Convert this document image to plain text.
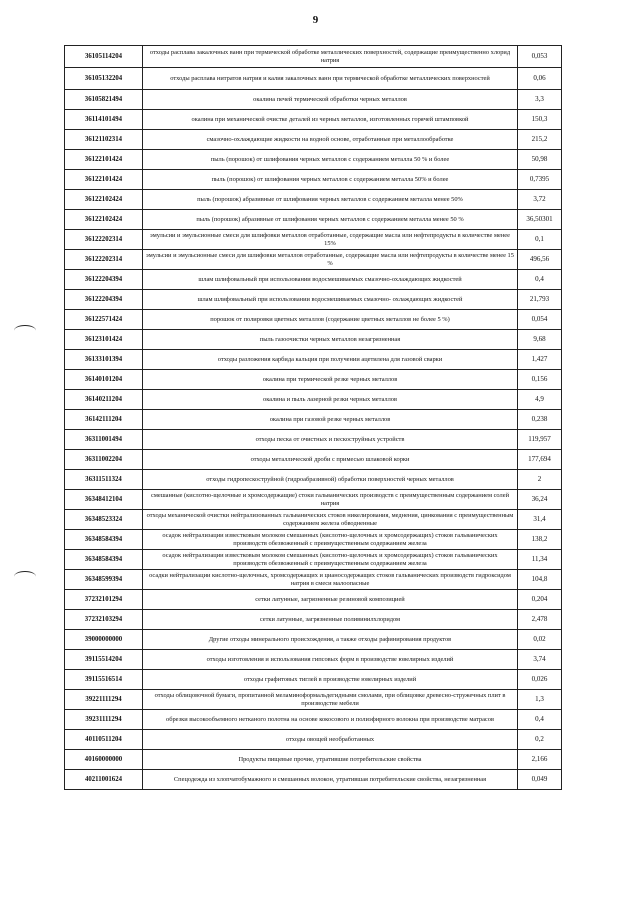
9
36105114204	отходы расплава закалочных ванн при термической обработке металлических поверхностей, содержащие преимущественно хлорид натрия	0,053
36105132204	отходы расплава нитратов натрия и калия закалочных ванн при термической обработке металлических поверхностей	0,06
36105821494	окалина печей термической обработки черных металлов	3,3
36114101494	окалина при механической очистке деталей из черных металлов, изготовленных горячей штамповкой	150,3
36121102314	смазочно-охлаждающие жидкости на водной основе, отработанные при металлообработке	215,2
36122101424	пыль (порошок) от шлифования черных металлов с содержанием металла 50 % и более	50,98
36122101424	пыль (порошок) от шлифования черных металлов с содержанием металла 50% и более	0,7395
36122102424	пыль (порошок) абразивные от шлифования черных металлов с содержанием металла менее 50%	3,72
36122102424	пыль (порошок) абразивные от шлифования черных металлов с содержанием металла менее 50 %	36,50301
36122202314	эмульсии и эмульсионные смеси для шлифовки металлов отработанные, содержащие масла или нефтепродукты в количестве менее 15%	0,1
36122202314	эмульсии и эмульсионные смеси для шлифовки металлов отработанные, содержащие масла или нефтепродукты в количестве менее 15 %	496,56
36122204394	шлам шлифовальный при использовании водосмешиваемых смазочно-охлаждающих жидкостей	0,4
36122204394	шлам шлифовальный при использовании водосмешиваемых смазочно- охлаждающих жидкостей	21,793
36122571424	порошок от полировки цветных металлов (содержание цветных металлов не более 5 %)	0,054
36123101424	пыль газоочистки черных металлов незагрязненная	9,68
36133101394	отходы разложения карбида кальция при получении ацетилена для газовой сварки	1,427
36140101204	окалина при термической резке черных металлов	0,156
36140211204	окалина и пыль лазерной резки черных металлов	4,9
36142111204	окалина при газовой резке черных металлов	0,238
36311001494	отходы песка от очистных и пескоструйных устройств	119,957
36311002204	отходы металлической дроби с примесью шлаковой корки	177,694
36311511324	отходы гидропескоструйной (гидроабразивной) обработки поверхностей черных металлов	2
36348412104	смешанные (кислотно-щелочные и хромсодержащие) стоки гальванических производств с преимущественным содержанием солей натрия	36,24
36348523324	отходы механической очистки нейтрализованных гальванических стоков никелирования, меднения, цинкования с преимущественным содержанием железа обводненные	31,4
36348584394	осадок нейтрализации известковым молоком смешанных (кислотно-щелочных и хромсодержащих) стоков гальванических производств обезвоженный с преимущественным содержанием железа	138,2
36348584394	осадок нейтрализации известковым молоком смешанных (кислотно-щелочных и хромсодержащих) стоков гальванических производств обезвоженный с преимущественным содержанием железа	11,34
36348599394	осадки нейтрализации кислотно-щелочных, хромсодержащих и цианосодержащих стоков гальванических производств гидроксидом натрия в смеси малоопасные	104,8
37232101294	сетки латунные, загрязненные резиновой композицией	0,204
37232103294	сетки латунные, загрязненные поливинилхлоридом	2,478
39000000000	Другие отходы минерального происхождения, а также отходы рафинирования продуктов	0,02
39115514204	отходы изготовления и использования гипсовых форм в производстве ювелирных изделий	3,74
39115516514	отходы графитовых тиглей в производстве ювелирных изделий	0,026
39221111294	отходы облицовочной бумаги, пропитанной меламиноформальдегидными смолами, при облицовке древесно-стружечных плит в производстве мебели	1,3
39231111294	обрезки высокообъемного нетканого полотна на основе кокосового и полиэфирного волокна при производстве матрасов	0,4
40110511204	отходы овощей необработанных	0,2
40160000000	Продукты пищевые прочие, утратившие потребительские свойства	2,166
40211001624	Спецодежда из хлопчатобумажного и смешанных волокон, утратившая потребительские свойства, незагрязненная	0,049
